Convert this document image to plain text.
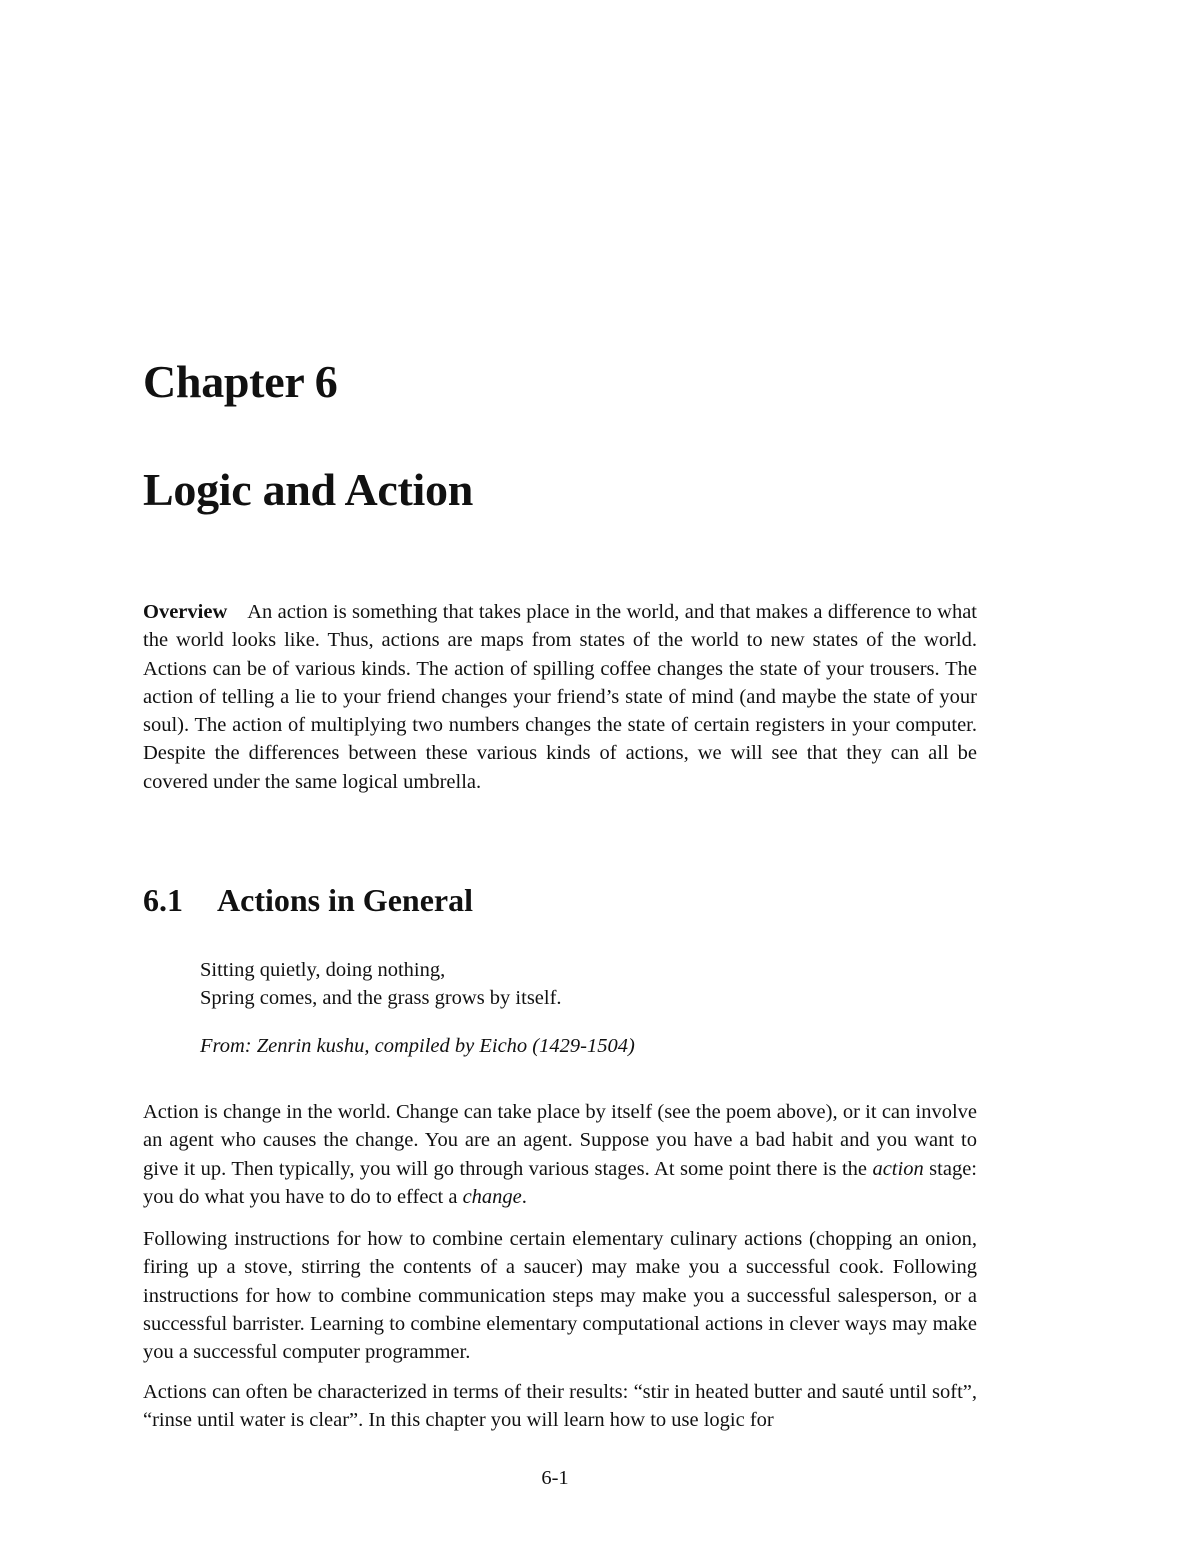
Chapter 6
Logic and Action

Overview An action is something that takes place in the world, and that makes a difference to what the world looks like. Thus, actions are maps from states of the world to new states of the world. Actions can be of various kinds. The action of spilling coffee changes the state of your trousers. The action of telling a lie to your friend changes your friend’s state of mind (and maybe the state of your soul). The action of multiplying two numbers changes the state of certain registers in your computer. Despite the differences between these various kinds of actions, we will see that they can all be covered under the same logical umbrella.

6.1 Actions in General

Sitting quietly, doing nothing,
Spring comes, and the grass grows by itself.

From: Zenrin kushu, compiled by Eicho (1429-1504)

Action is change in the world. Change can take place by itself (see the poem above), or it can involve an agent who causes the change. You are an agent. Suppose you have a bad habit and you want to give it up. Then typically, you will go through various stages. At some point there is the action stage: you do what you have to do to effect a change.

Following instructions for how to combine certain elementary culinary actions (chopping an onion, firing up a stove, stirring the contents of a saucer) may make you a successful cook. Following instructions for how to combine communication steps may make you a successful salesperson, or a successful barrister. Learning to combine elementary computational actions in clever ways may make you a successful computer programmer.

Actions can often be characterized in terms of their results: “stir in heated butter and sauté until soft”, “rinse until water is clear”. In this chapter you will learn how to use logic for

6-1
